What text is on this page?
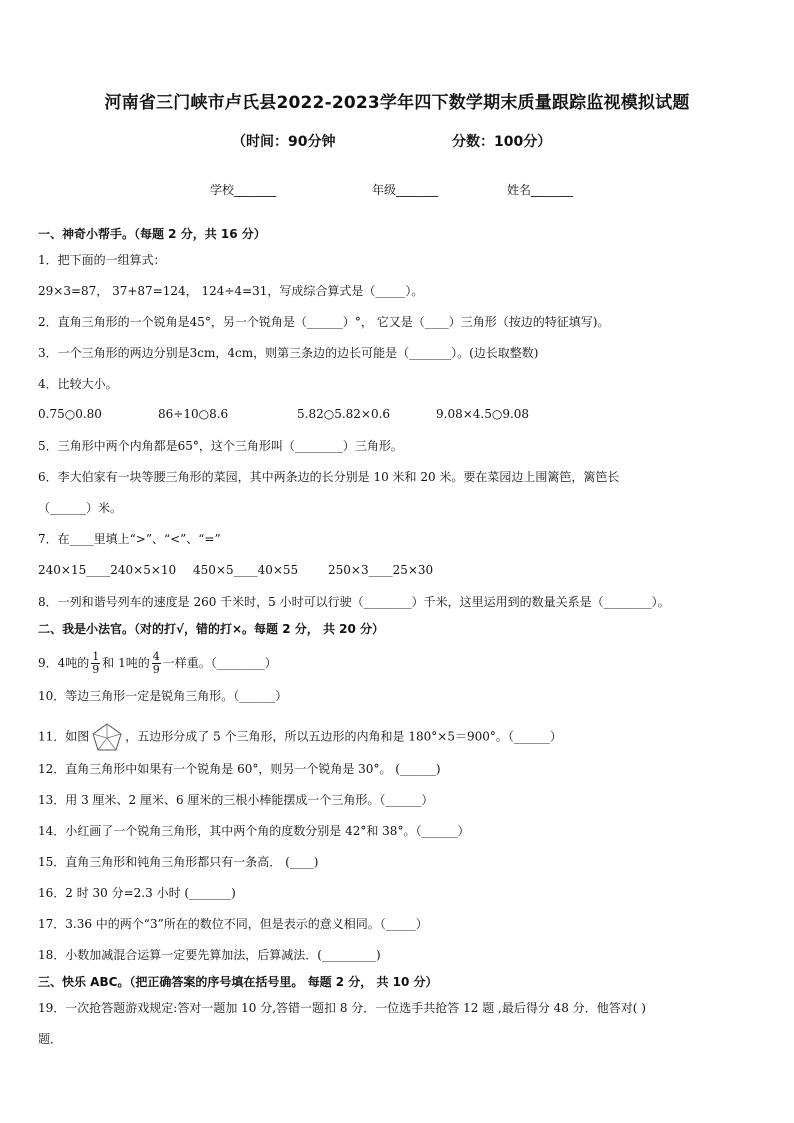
河南省三门峡市卢氏县2022-2023学年四下数学期末质量跟踪监视模拟试题
（时间：90分钟	分数：100分）
学校_______	年级_______	姓名_______
一、神奇小帮手。（每题 2 分，共 16 分）
1．把下面的一组算式：
29×3=87， 37+87=124， 124÷4=31，写成综合算式是（_____）。
2．直角三角形的一个锐角是45°，另一个锐角是（______）°， 它又是（____）三角形（按边的特征填写)。
3．一个三角形的两边分别是3cm，4cm，则第三条边的边长可能是（_______）。(边长取整数)
4．比较大小。
0.75○0.80	86÷10○8.6	5.82○5.82×0.6	9.08×4.5○9.08
5．三角形中两个内角都是65°，这个三角形叫（________）三角形。
6．李大伯家有一块等腰三角形的菜园，其中两条边的长分别是 10 米和 20 米。要在菜园边上围篱笆，篱笆长
（______）米。
7．在____里填上“>”、“<”、“=”
240×15____240×5×10 450×5____40×55 250×3____25×30
8．一列和谐号列车的速度是 260 千米时，5 小时可以行驶（________）千米，这里运用到的数量关系是（________）。
二、我是小法官。（对的打√，错的打×。每题 2 分， 共 20 分）
9．4吨的 $\frac{1}{9}$ 和 1吨的 $\frac{4}{9}$ 一样重。（________）
10．等边三角形一定是锐角三角形。（______）
11．如图	，五边形分成了 5 个三角形，所以五边形的内角和是 180°×5＝900°。（______）
12．直角三角形中如果有一个锐角是 60°，则另一个锐角是 30°。 (______)
13．用 3 厘米、2 厘米、6 厘米的三根小棒能摆成一个三角形。（______）
14．小红画了一个锐角三角形，其中两个角的度数分别是 42°和 38°。（______）
15．直角三角形和钝角三角形都只有一条高． (____)
16．2 时 30 分=2.3 小时 (_______)
17．3.36 中的两个“3”所在的数位不同，但是表示的意义相同。（_____）
18．小数加减混合运算一定要先算加法，后算减法．(_________)
三、快乐 ABC。（把正确答案的序号填在括号里。 每题 2 分， 共 10 分）
19．一次抢答题游戏规定:答对一题加 10 分,答错一题扣 8 分．一位选手共抢答 12 题 ,最后得分 48 分．他答对( )
题．
